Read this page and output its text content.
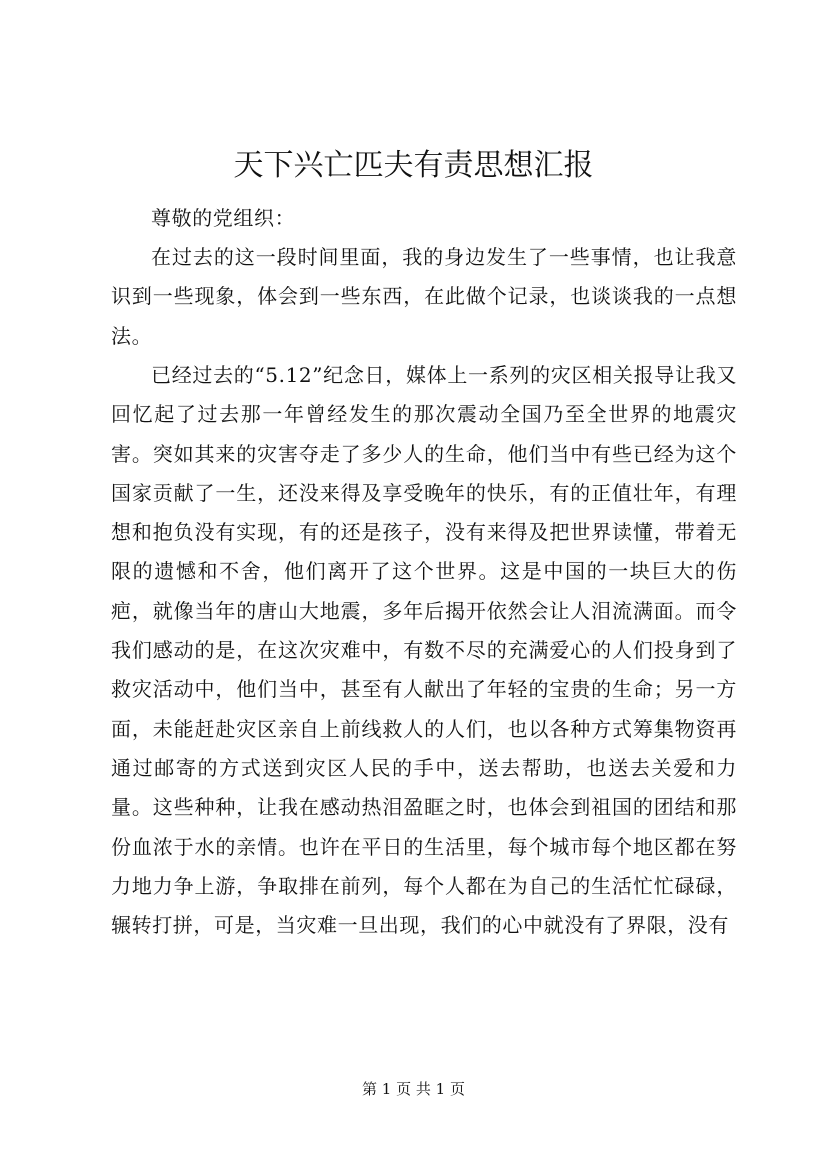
天下兴亡匹夫有责思想汇报

尊敬的党组织：

在过去的这一段时间里面，我的身边发生了一些事情，也让我意识到一些现象，体会到一些东西，在此做个记录，也谈谈我的一点想法。

已经过去的“5.12”纪念日，媒体上一系列的灾区相关报导让我又回忆起了过去那一年曾经发生的那次震动全国乃至全世界的地震灾害。突如其来的灾害夺走了多少人的生命，他们当中有些已经为这个国家贡献了一生，还没来得及享受晚年的快乐，有的正值壮年，有理想和抱负没有实现，有的还是孩子，没有来得及把世界读懂，带着无限的遗憾和不舍，他们离开了这个世界。这是中国的一块巨大的伤疤，就像当年的唐山大地震，多年后揭开依然会让人泪流满面。而令我们感动的是，在这次灾难中，有数不尽的充满爱心的人们投身到了救灾活动中，他们当中，甚至有人献出了年轻的宝贵的生命；另一方面，未能赶赴灾区亲自上前线救人的人们，也以各种方式筹集物资再通过邮寄的方式送到灾区人民的手中，送去帮助，也送去关爱和力量。这些种种，让我在感动热泪盈眶之时，也体会到祖国的团结和那份血浓于水的亲情。也许在平日的生活里，每个城市每个地区都在努力地力争上游，争取排在前列，每个人都在为自己的生活忙忙碌碌，辗转打拼，可是，当灾难一旦出现，我们的心中就没有了界限，没有

第 1 页 共 1 页
